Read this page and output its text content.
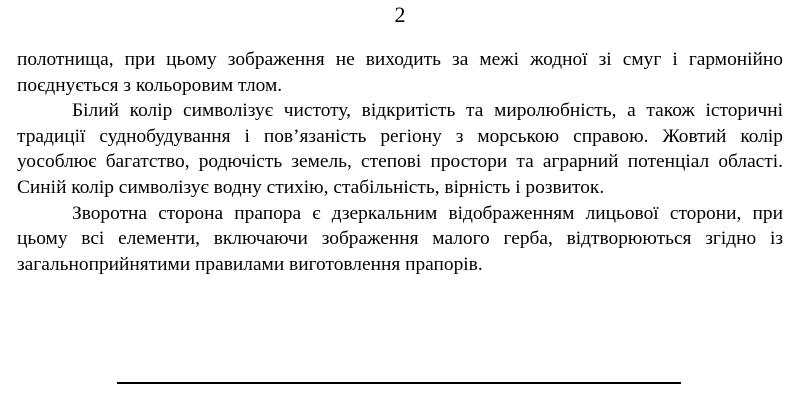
2

полотнища, при цьому зображення не виходить за межі жодної зі смуг і гармонійно поєднується з кольоровим тлом.

Білий колір символізує чистоту, відкритість та миролюбність, а також історичні традиції суднобудування і пов’язаність регіону з морською справою. Жовтий колір уособлює багатство, родючість земель, степові простори та аграрний потенціал області. Синій колір символізує водну стихію, стабільність, вірність і розвиток.

Зворотна сторона прапора є дзеркальним відображенням лицьової сторони, при цьому всі елементи, включаючи зображення малого герба, відтворюються згідно із загальноприйнятими правилами виготовлення прапорів.
